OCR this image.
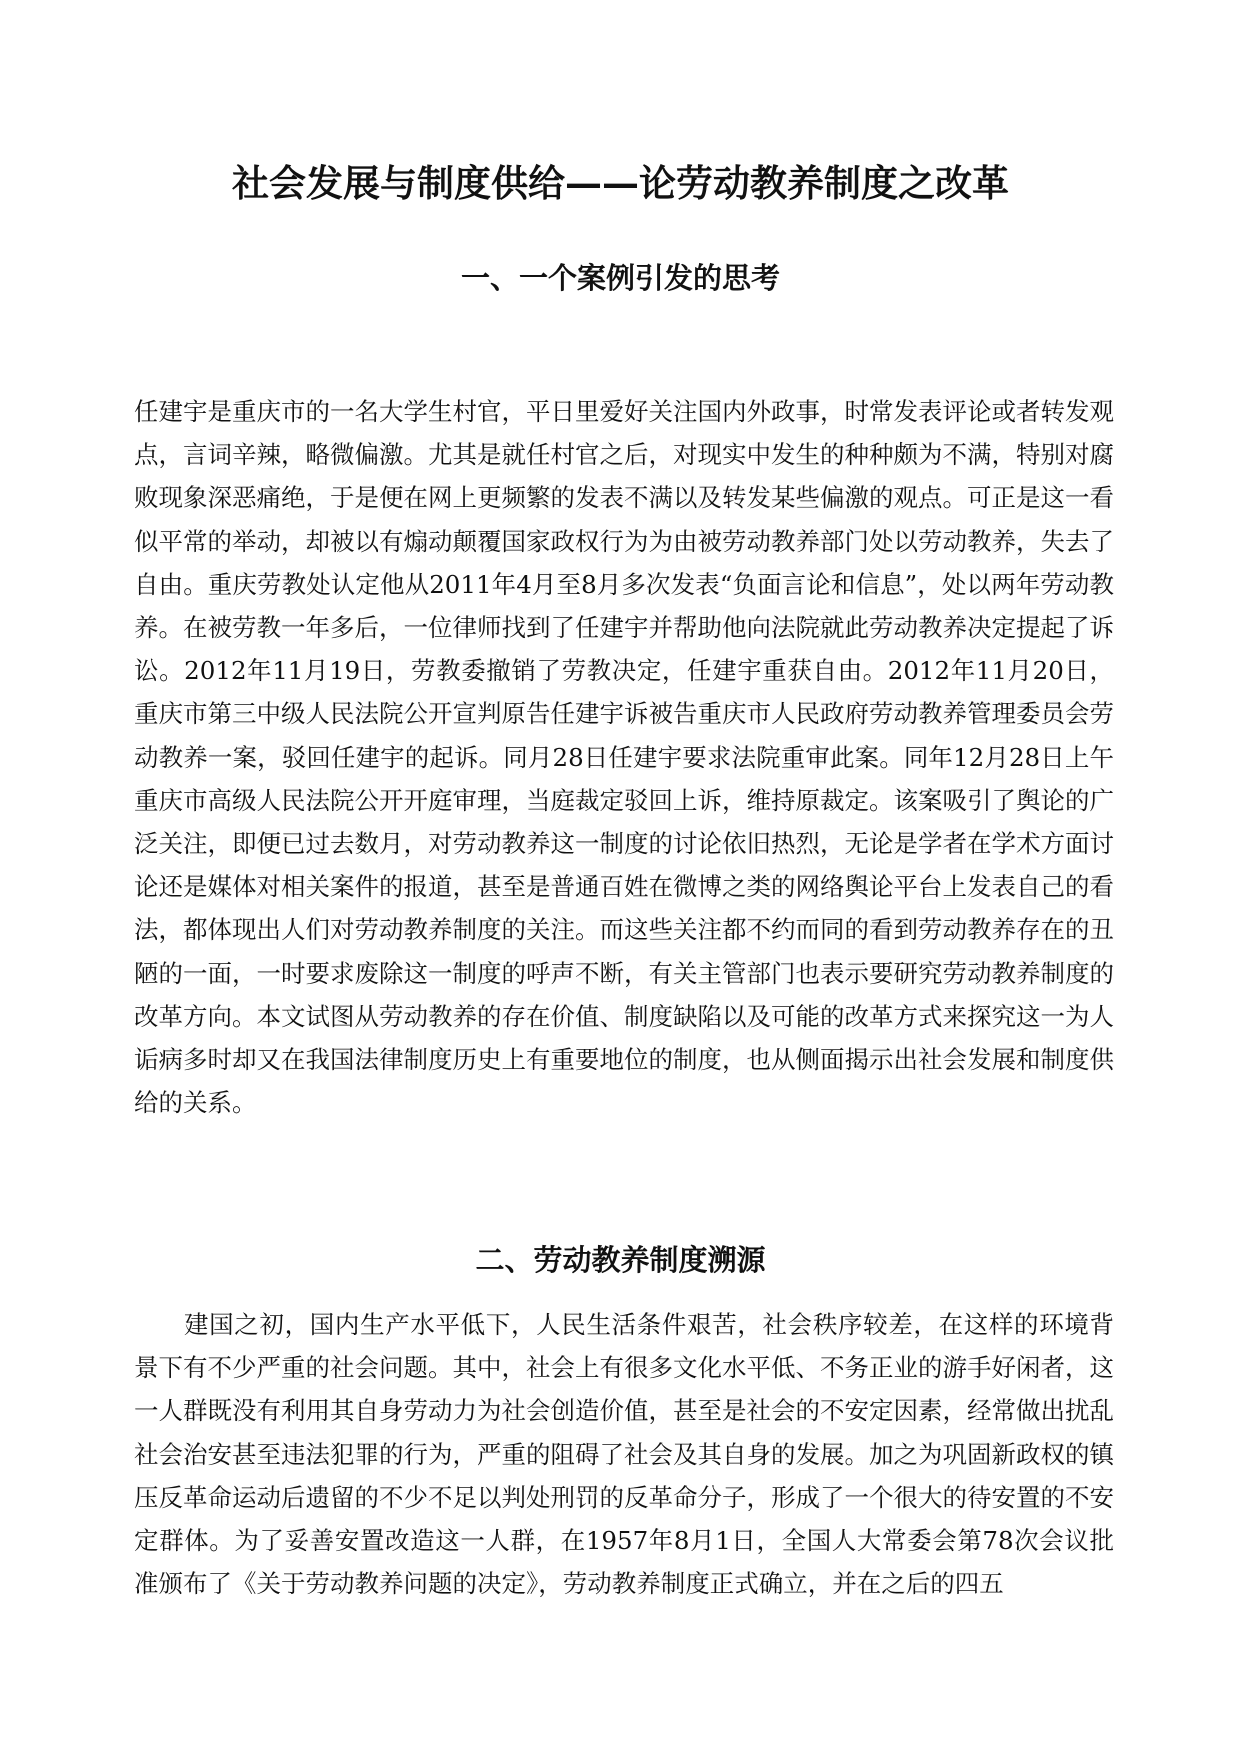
社会发展与制度供给——论劳动教养制度之改革
一、一个案例引发的思考

任建宇是重庆市的一名大学生村官，平日里爱好关注国内外政事，时常发表评论或者转发观点，言词辛辣，略微偏激。尤其是就任村官之后，对现实中发生的种种颇为不满，特别对腐败现象深恶痛绝，于是便在网上更频繁的发表不满以及转发某些偏激的观点。可正是这一看似平常的举动，却被以有煽动颠覆国家政权行为为由被劳动教养部门处以劳动教养，失去了自由。重庆劳教处认定他从2011年4月至8月多次发表“负面言论和信息”，处以两年劳动教养。在被劳教一年多后，一位律师找到了任建宇并帮助他向法院就此劳动教养决定提起了诉讼。2012年11月19日，劳教委撤销了劳教决定，任建宇重获自由。2012年11月20日，重庆市第三中级人民法院公开宣判原告任建宇诉被告重庆市人民政府劳动教养管理委员会劳动教养一案，驳回任建宇的起诉。同月28日任建宇要求法院重审此案。同年12月28日上午重庆市高级人民法院公开开庭审理，当庭裁定驳回上诉，维持原裁定。该案吸引了舆论的广泛关注，即便已过去数月，对劳动教养这一制度的讨论依旧热烈，无论是学者在学术方面讨论还是媒体对相关案件的报道，甚至是普通百姓在微博之类的网络舆论平台上发表自己的看法，都体现出人们对劳动教养制度的关注。而这些关注都不约而同的看到劳动教养存在的丑陋的一面，一时要求废除这一制度的呼声不断，有关主管部门也表示要研究劳动教养制度的改革方向。本文试图从劳动教养的存在价值、制度缺陷以及可能的改革方式来探究这一为人诟病多时却又在我国法律制度历史上有重要地位的制度，也从侧面揭示出社会发展和制度供给的关系。

二、劳动教养制度溯源

建国之初，国内生产水平低下，人民生活条件艰苦，社会秩序较差，在这样的环境背景下有不少严重的社会问题。其中，社会上有很多文化水平低、不务正业的游手好闲者，这一人群既没有利用其自身劳动力为社会创造价值，甚至是社会的不安定因素，经常做出扰乱社会治安甚至违法犯罪的行为，严重的阻碍了社会及其自身的发展。加之为巩固新政权的镇压反革命运动后遗留的不少不足以判处刑罚的反革命分子，形成了一个很大的待安置的不安定群体。为了妥善安置改造这一人群，在1957年8月1日，全国人大常委会第78次会议批准颁布了《关于劳动教养问题的决定》，劳动教养制度正式确立，并在之后的四五
